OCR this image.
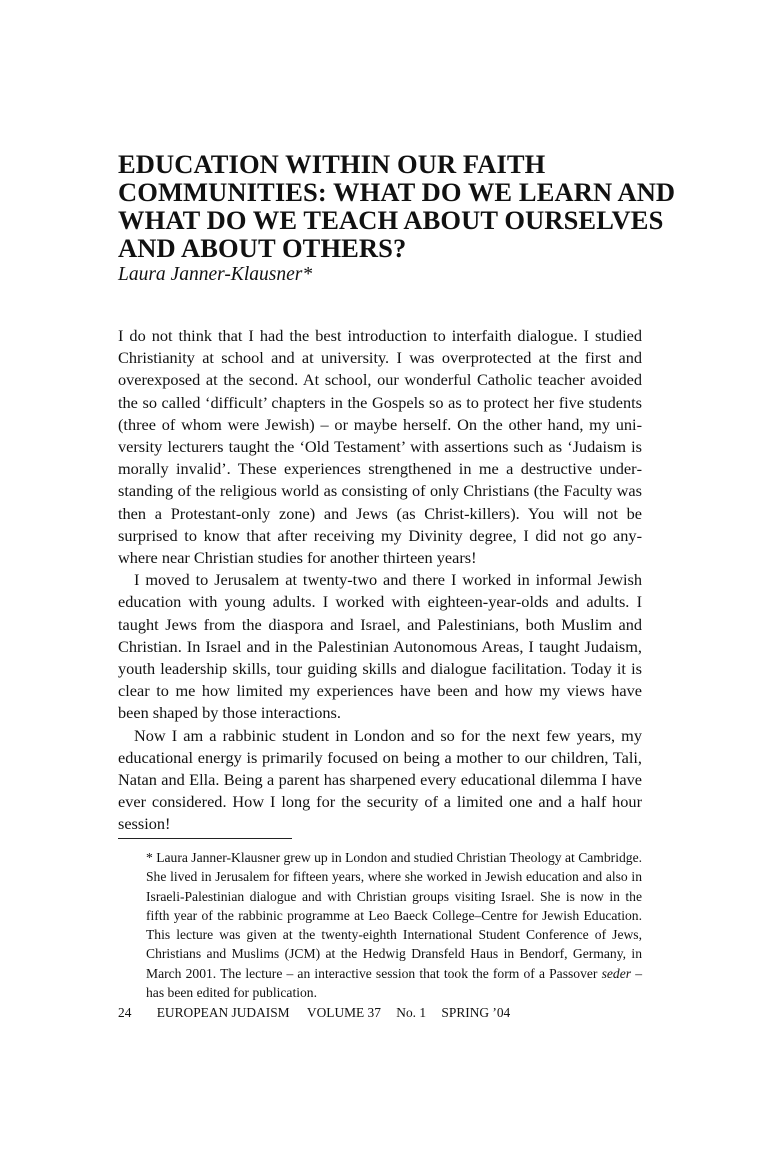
EDUCATION WITHIN OUR FAITH
COMMUNITIES: WHAT DO WE LEARN AND
WHAT DO WE TEACH ABOUT OURSELVES
AND ABOUT OTHERS?
Laura Janner-Klausner*

I do not think that I had the best introduction to interfaith dialogue. I studied Christianity at school and at university. I was overprotected at the first and overexposed at the second. At school, our wonderful Catholic teacher avoided the so called ‘difficult’ chapters in the Gospels so as to protect her five students (three of whom were Jewish) – or maybe herself. On the other hand, my university lecturers taught the ‘Old Testament’ with assertions such as ‘Judaism is morally invalid’. These experiences strengthened in me a destructive understanding of the religious world as consisting of only Christians (the Faculty was then a Protestant-only zone) and Jews (as Christ-killers). You will not be surprised to know that after receiving my Divinity degree, I did not go anywhere near Christian studies for another thirteen years!

I moved to Jerusalem at twenty-two and there I worked in informal Jewish education with young adults. I worked with eighteen-year-olds and adults. I taught Jews from the diaspora and Israel, and Palestinians, both Muslim and Christian. In Israel and in the Palestinian Autonomous Areas, I taught Judaism, youth leadership skills, tour guiding skills and dialogue facilitation. Today it is clear to me how limited my experiences have been and how my views have been shaped by those interactions.

Now I am a rabbinic student in London and so for the next few years, my educational energy is primarily focused on being a mother to our children, Tali, Natan and Ella. Being a parent has sharpened every educational dilemma I have ever considered. How I long for the security of a limited one and a half hour session!

* Laura Janner-Klausner grew up in London and studied Christian Theology at Cambridge. She lived in Jerusalem for fifteen years, where she worked in Jewish education and also in Israeli-Palestinian dialogue and with Christian groups visiting Israel. She is now in the fifth year of the rabbinic programme at Leo Baeck College–Centre for Jewish Education. This lecture was given at the twenty-eighth International Student Conference of Jews, Christians and Muslims (JCM) at the Hedwig Dransfeld Haus in Bendorf, Germany, in March 2001. The lecture – an interactive session that took the form of a Passover seder – has been edited for publication.

24 EUROPEAN JUDAISM VOLUME 37 No. 1 SPRING ’04
